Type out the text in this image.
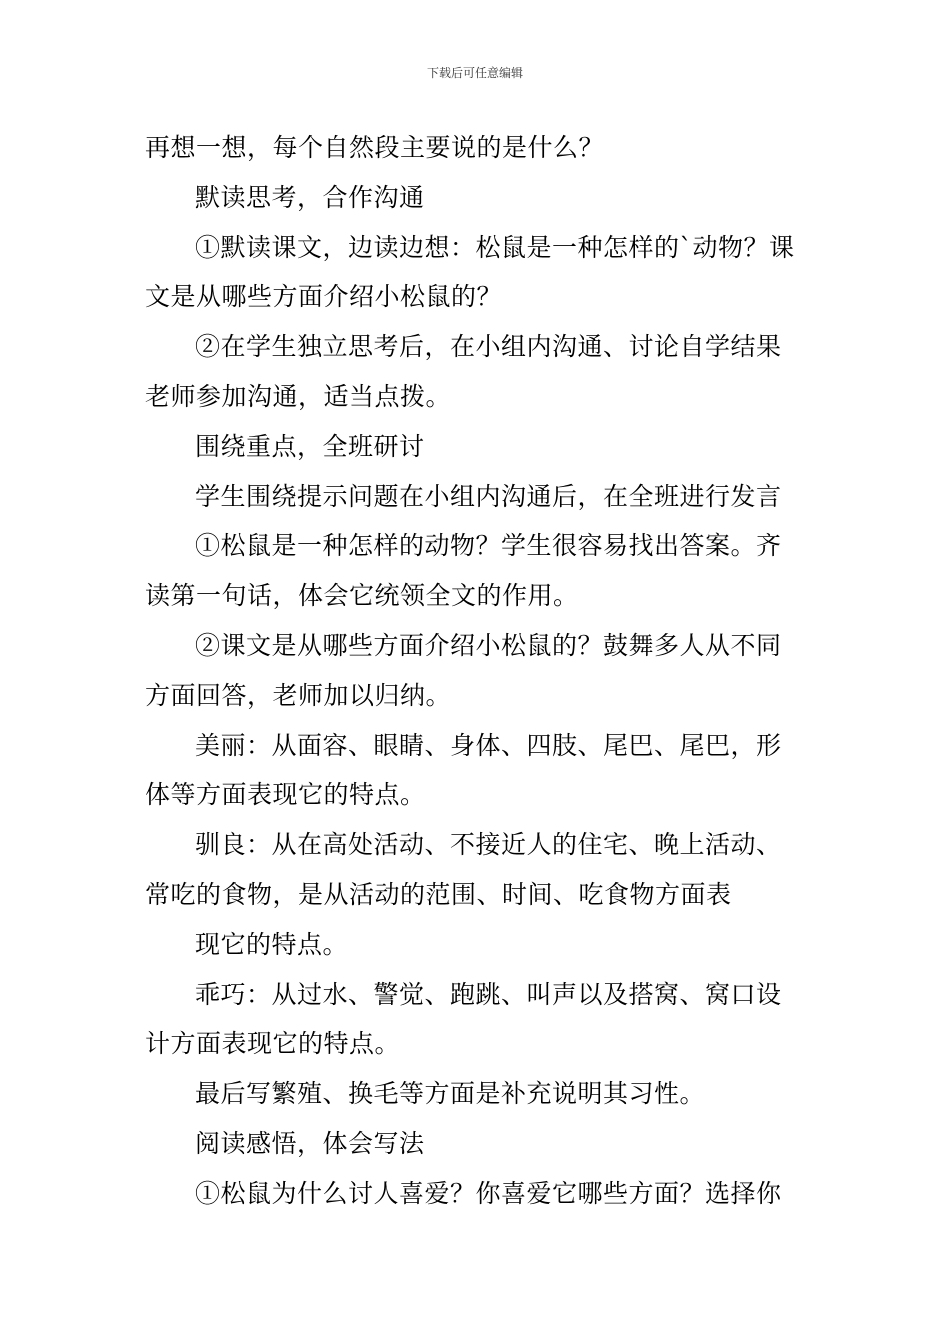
下载后可任意编辑
再想一想，每个自然段主要说的是什么？
默读思考，合作沟通
①默读课文，边读边想：松鼠是一种怎样的`动物？课
文是从哪些方面介绍小松鼠的？
②在学生独立思考后，在小组内沟通、讨论自学结果
老师参加沟通，适当点拨。
围绕重点，全班研讨
学生围绕提示问题在小组内沟通后，在全班进行发言
①松鼠是一种怎样的动物？学生很容易找出答案。齐
读第一句话，体会它统领全文的作用。
②课文是从哪些方面介绍小松鼠的？鼓舞多人从不同
方面回答，老师加以归纳。
美丽：从面容、眼睛、身体、四肢、尾巴、尾巴，形
体等方面表现它的特点。
驯良：从在高处活动、不接近人的住宅、晚上活动、
常吃的食物，是从活动的范围、时间、吃食物方面表
现它的特点。
乖巧：从过水、警觉、跑跳、叫声以及搭窝、窝口设
计方面表现它的特点。
最后写繁殖、换毛等方面是补充说明其习性。
阅读感悟，体会写法
①松鼠为什么讨人喜爱？你喜爱它哪些方面？选择你
